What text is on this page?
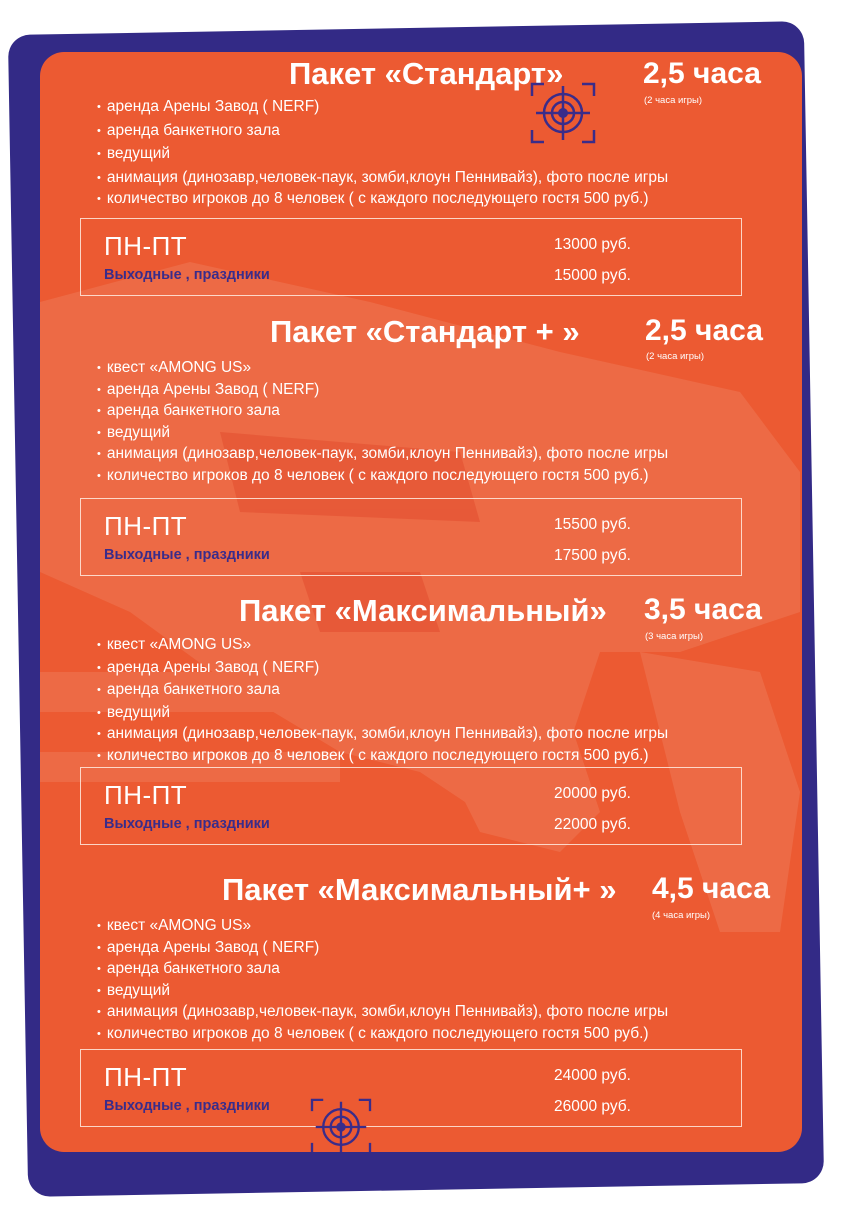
Пакет «Стандарт»	2,5 часа
(2 часа игры)
• аренда Арены Завод ( NERF)
• аренда банкетного зала
• ведущий
• анимация (динозавр,человек-паук, зомби,клоун Пеннивайз), фото после игры
• количество игроков до 8 человек ( с каждого последующего гостя 500 руб.)
ПН-ПТ
Выходные , праздники
13000 руб.
15000 руб.
Пакет «Стандарт + » 2,5 часа
(2 часа игры)
• квест «AMONG US»
• аренда Арены Завод ( NERF)
• аренда банкетного зала
• ведущий
• анимация (динозавр,человек-паук, зомби,клоун Пеннивайз), фото после игры
• количество игроков до 8 человек ( с каждого последующего гостя 500 руб.)
ПН-ПТ
Выходные , праздники
15500 руб.
17500 руб.
Пакет «Максимальный» 3,5 часа
(3 часа игры)
• квест «AMONG US»
• аренда Арены Завод ( NERF)
• аренда банкетного зала
• ведущий
• анимация (динозавр,человек-паук, зомби,клоун Пеннивайз), фото после игры
• количество игроков до 8 человек ( с каждого последующего гостя 500 руб.)
ПН-ПТ
Выходные , праздники
20000 руб.
22000 руб.
Пакет «Максимальный+ » 4,5 часа
(4 часа игры)
• квест «AMONG US»
• аренда Арены Завод ( NERF)
• аренда банкетного зала
• ведущий
• анимация (динозавр,человек-паук, зомби,клоун Пеннивайз), фото после игры
• количество игроков до 8 человек ( с каждого последующего гостя 500 руб.)
ПН-ПТ
Выходные , праздники
24000 руб.
26000 руб.
